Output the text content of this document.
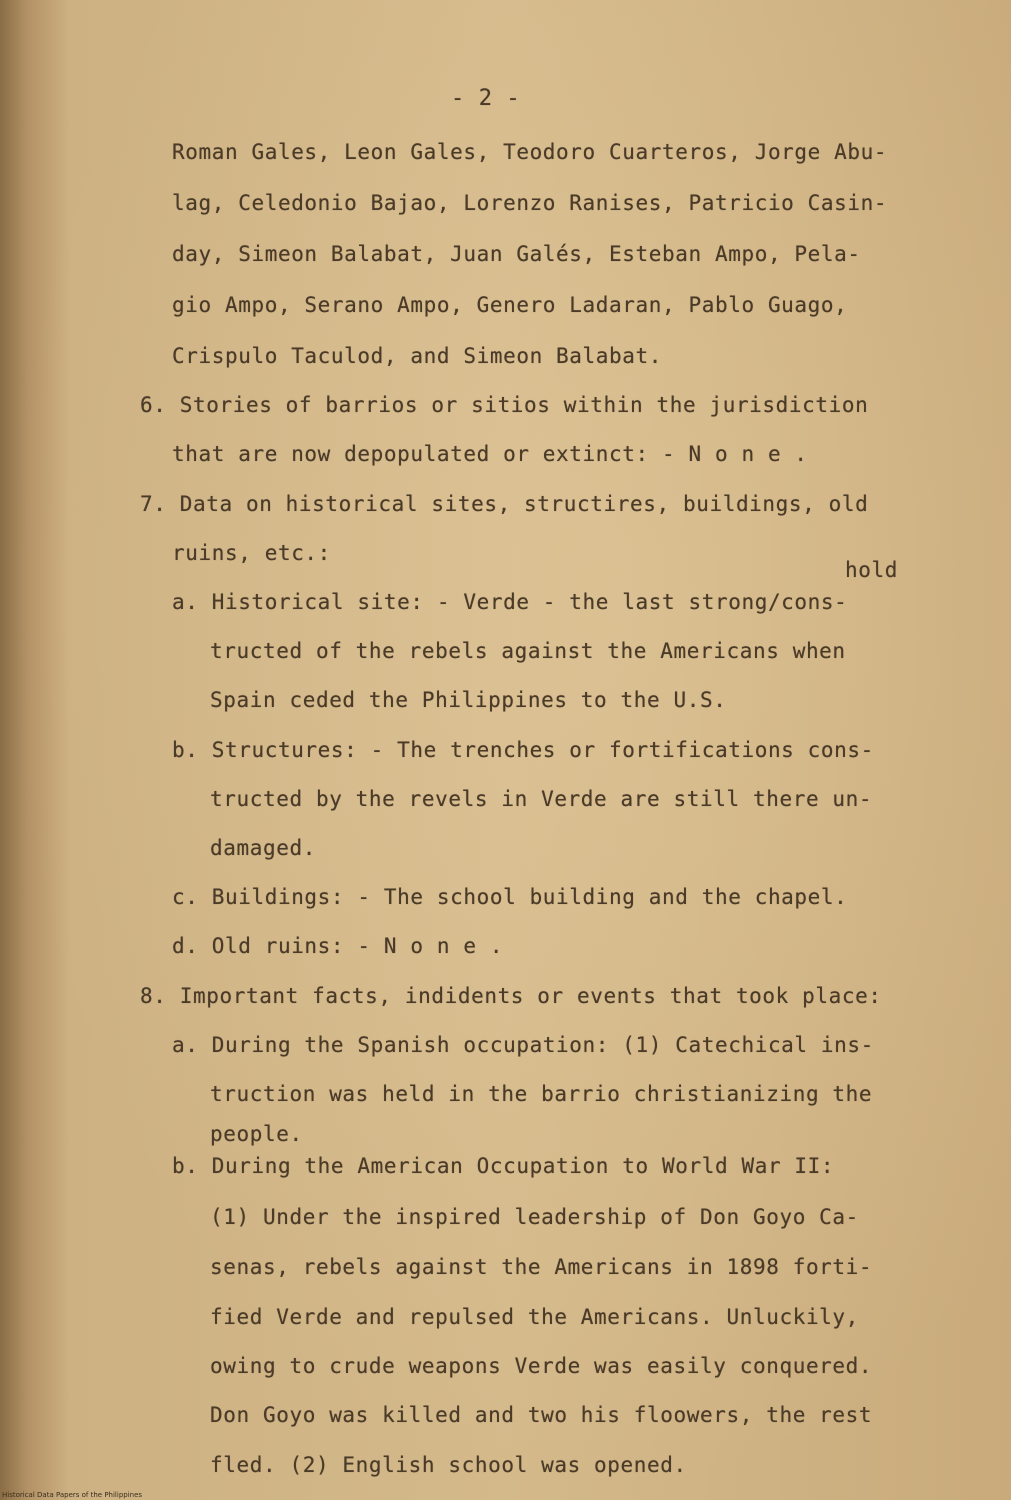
- 2 -
Roman Gales, Leon Gales, Teodoro Cuarteros, Jorge Abu-
lag, Celedonio Bajao, Lorenzo Ranises, Patricio Casin-
day, Simeon Balabat, Juan Galés, Esteban Ampo, Pela-
gio Ampo, Serano Ampo, Genero Ladaran, Pablo Guago,
Crispulo Taculod, and Simeon Balabat.
6. Stories of barrios or sitios within the jurisdiction
that are now depopulated or extinct: - N o n e .
7. Data on historical sites, structires, buildings, old
ruins, etc.:
hold
a. Historical site: - Verde - the last strong/cons-
tructed of the rebels against the Americans when
Spain ceded the Philippines to the U.S.
b. Structures: - The trenches or fortifications cons-
tructed by the revels in Verde are still there un-
damaged.
c. Buildings: - The school building and the chapel.
d. Old ruins: - N o n e .
8. Important facts, indidents or events that took place:
a. During the Spanish occupation: (1) Catechical ins-
truction was held in the barrio christianizing the
people.
b. During the American Occupation to World War II:
(1) Under the inspired leadership of Don Goyo Ca-
senas, rebels against the Americans in 1898 forti-
fied Verde and repulsed the Americans. Unluckily,
owing to crude weapons Verde was easily conquered.
Don Goyo was killed and two his floowers, the rest
fled. (2) English school was opened.
Historical Data Papers of the Philippines
